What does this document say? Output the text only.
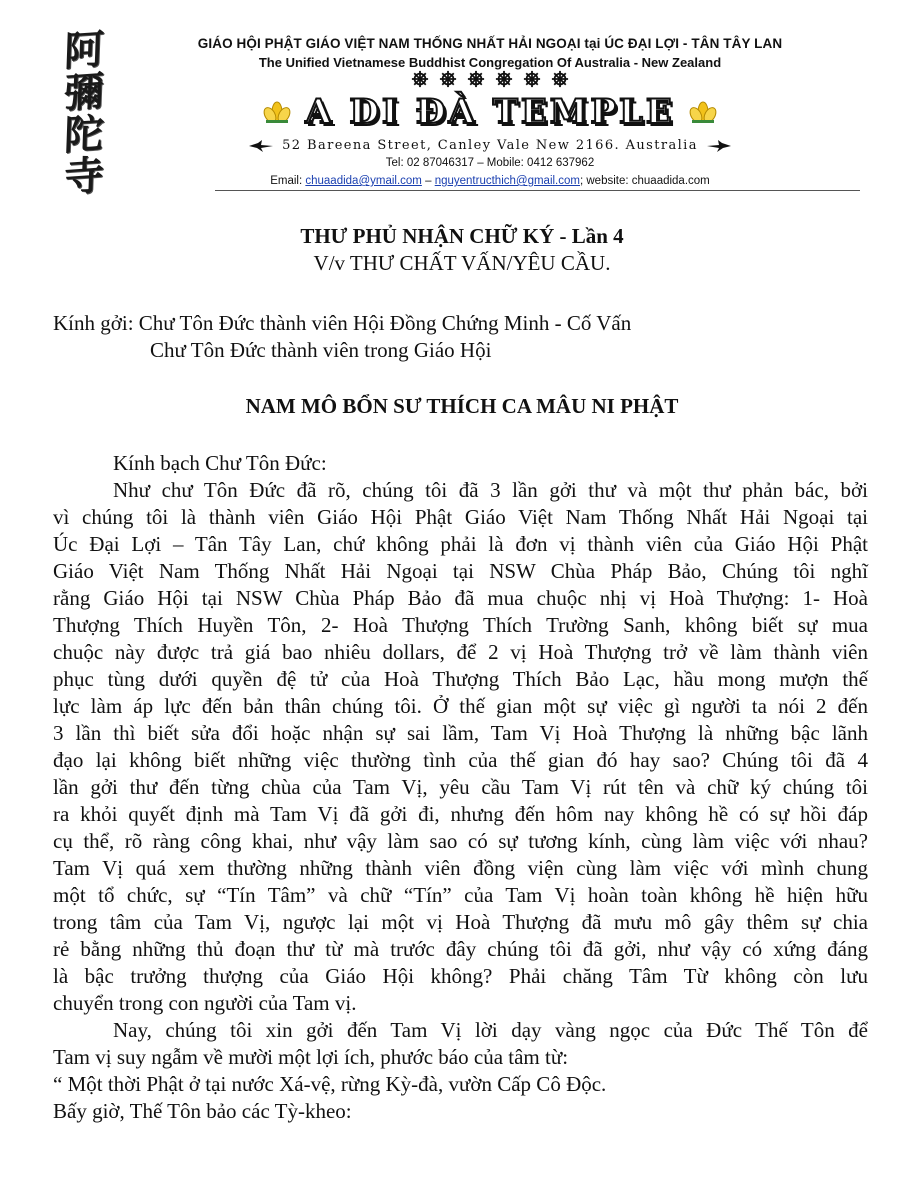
阿
彌
陀
寺
GIÁO HỘI PHẬT GIÁO VIỆT NAM THỐNG NHẤT HẢI NGOẠI tại ÚC ĐẠI LỢI - TÂN TÂY LAN
The Unified Vietnamese Buddhist Congregation Of Australia - New Zealand
A DI ĐÀ TEMPLE
52 Bareena Street, Canley Vale New 2166. Australia
Tel: 02 87046317 – Mobile: 0412 637962
Email: chuaadida@ymail.com – nguyentructhich@gmail.com; website: chuaadida.com
THƯ PHỦ NHẬN CHỮ KÝ - Lần 4
V/v THƯ CHẤT VẤN/YÊU CẦU.
Kính gởi: Chư Tôn Đức thành viên Hội Đồng Chứng Minh - Cố Vấn
Chư Tôn Đức thành viên trong Giáo Hội
NAM MÔ BỔN SƯ THÍCH CA MÂU NI PHẬT
Kính bạch Chư Tôn Đức:
Như chư Tôn Đức đã rõ, chúng tôi đã 3 lần gởi thư và một thư phản bác, bởi
vì chúng tôi là thành viên Giáo Hội Phật Giáo Việt Nam Thống Nhất Hải Ngoại tại
Úc Đại Lợi – Tân Tây Lan, chứ không phải là đơn vị thành viên của Giáo Hội Phật
Giáo Việt Nam Thống Nhất Hải Ngoại tại NSW Chùa Pháp Bảo, Chúng tôi nghĩ
rằng Giáo Hội tại NSW Chùa Pháp Bảo đã mua chuộc nhị vị Hoà Thượng: 1- Hoà
Thượng Thích Huyền Tôn, 2- Hoà Thượng Thích Trường Sanh, không biết sự mua
chuộc này được trả giá bao nhiêu dollars, để 2 vị Hoà Thượng trở về làm thành viên
phục tùng dưới quyền đệ tử của Hoà Thượng Thích Bảo Lạc, hầu mong mượn thế
lực làm áp lực đến bản thân chúng tôi. Ở thế gian một sự việc gì người ta nói 2 đến
3 lần thì biết sửa đổi hoặc nhận sự sai lầm, Tam Vị Hoà Thượng là những bậc lãnh
đạo lại không biết những việc thường tình của thế gian đó hay sao? Chúng tôi đã 4
lần gởi thư đến từng chùa của Tam Vị, yêu cầu Tam Vị rút tên và chữ ký chúng tôi
ra khỏi quyết định mà Tam Vị đã gởi đi, nhưng đến hôm nay không hề có sự hồi đáp
cụ thể, rõ ràng công khai, như vậy làm sao có sự tương kính, cùng làm việc với nhau?
Tam Vị quá xem thường những thành viên đồng viện cùng làm việc với mình chung
một tổ chức, sự “Tín Tâm” và chữ “Tín” của Tam Vị hoàn toàn không hề hiện hữu
trong tâm của Tam Vị, ngược lại một vị Hoà Thượng đã mưu mô gây thêm sự chia
rẻ bằng những thủ đoạn thư từ mà trước đây chúng tôi đã gởi, như vậy có xứng đáng
là bậc trưởng thượng của Giáo Hội không? Phải chăng Tâm Từ không còn lưu
chuyển trong con người của Tam vị.
Nay, chúng tôi xin gởi đến Tam Vị lời dạy vàng ngọc của Đức Thế Tôn để
Tam vị suy ngẫm về mười một lợi ích, phước báo của tâm từ:
“ Một thời Phật ở tại nước Xá-vệ, rừng Kỳ-đà, vườn Cấp Cô Độc.
Bấy giờ, Thế Tôn bảo các Tỳ-kheo:
